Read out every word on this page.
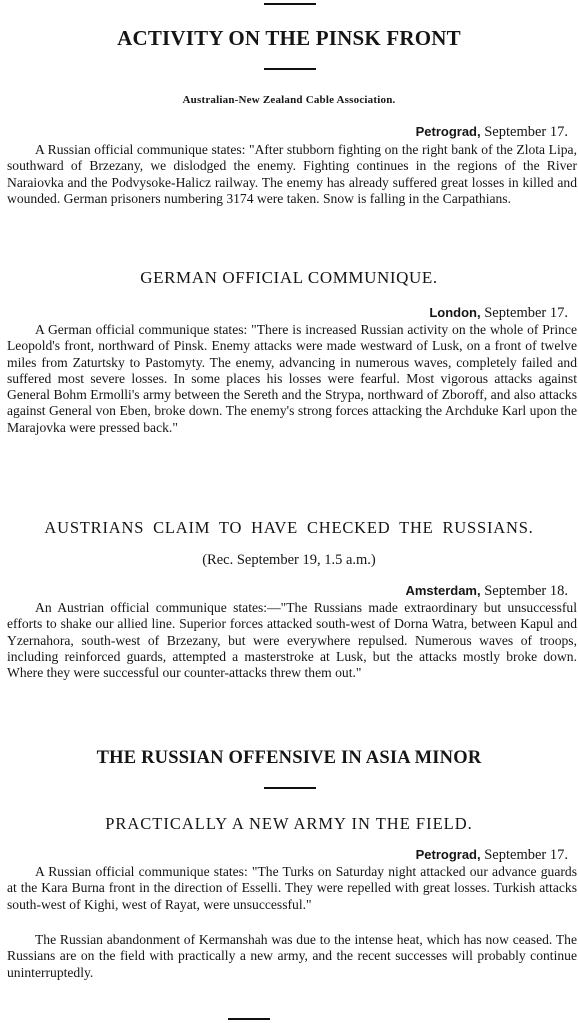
ACTIVITY ON THE PINSK FRONT
Australian-New Zealand Cable Association.
Petrograd, September 17.

A Russian official communique states: "After stubborn fighting on the right bank of the Zlota Lipa, southward of Brzezany, we dislodged the enemy. Fighting continues in the regions of the River Naraiovka and the Podvysoke-Halicz railway. The enemy has already suffered great losses in killed and wounded. German prisoners numbering 3174 were taken. Snow is falling in the Carpathians.

GERMAN OFFICIAL COMMUNIQUE.
London, September 17.

A German official communique states: "There is increased Russian activity on the whole of Prince Leopold's front, northward of Pinsk. Enemy attacks were made westward of Lusk, on a front of twelve miles from Zaturtsky to Pastomyty. The enemy, advancing in numerous waves, completely failed and suffered most severe losses. In some places his losses were fearful. Most vigorous attacks against General Bohm Ermolli's army between the Sereth and the Strypa, northward of Zboroff, and also attacks against General von Eben, broke down. The enemy's strong forces attacking the Archduke Karl upon the Marajovka were pressed back."

AUSTRIANS CLAIM TO HAVE CHECKED THE RUSSIANS.
(Rec. September 19, 1.5 a.m.)
Amsterdam, September 18.

An Austrian official communique states:—"The Russians made extraordinary but unsuccessful efforts to shake our allied line. Superior forces attacked south-west of Dorna Watra, between Kapul and Yzernahora, south-west of Brzezany, but were everywhere repulsed. Numerous waves of troops, including reinforced guards, attempted a masterstroke at Lusk, but the attacks mostly broke down. Where they were successful our counter-attacks threw them out."

THE RUSSIAN OFFENSIVE IN ASIA MINOR
PRACTICALLY A NEW ARMY IN THE FIELD.
Petrograd, September 17.

A Russian official communique states: "The Turks on Saturday night attacked our advance guards at the Kara Burna front in the direction of Esselli. They were repelled with great losses. Turkish attacks south-west of Kighi, west of Rayat, were unsuccessful."

The Russian abandonment of Kermanshah was due to the intense heat, which has now ceased. The Russians are on the field with practically a new army, and the recent successes will probably continue uninterruptedly.
